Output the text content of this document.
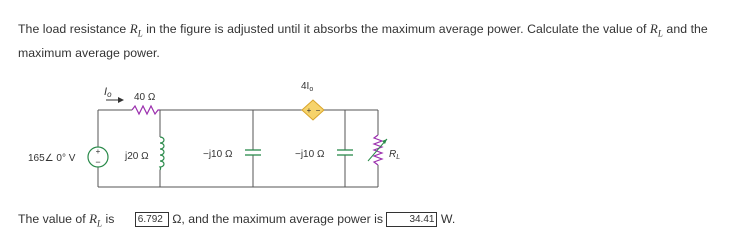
The load resistance $R_L$ in the figure is adjusted until it absorbs the maximum average power. Calculate the value of $R_L$ and the maximum average power.
Io 40 Ω
+
−
165∠ 0° V	j20 Ω	−j10 Ω	−j10 Ω
+ −
$4I_o$
$R_L$
The value of $R_L$ is 6.792 Ω, and the maximum average power is	34.41 W.
